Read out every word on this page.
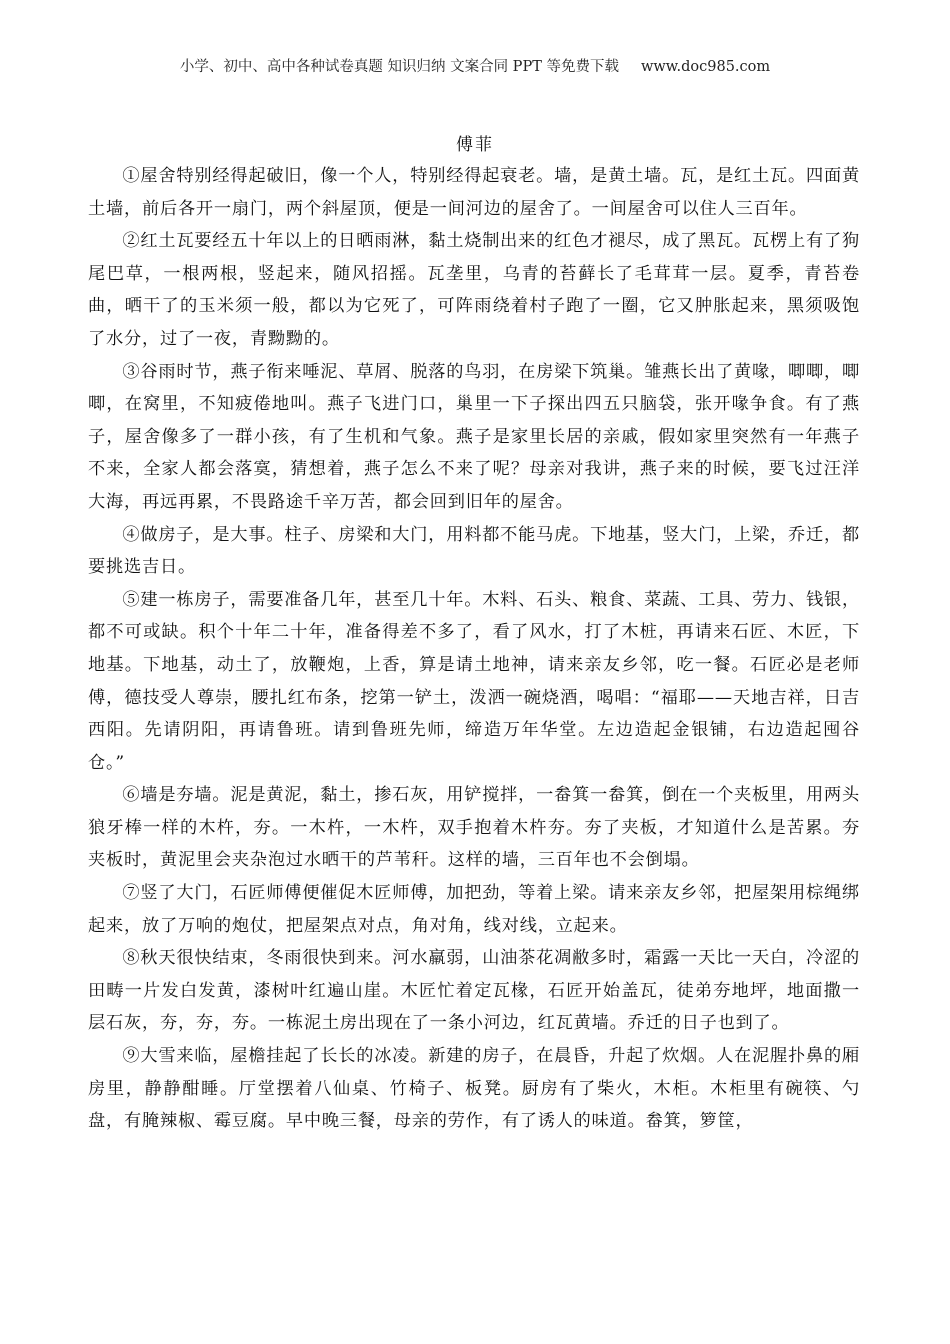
小学、初中、高中各种试卷真题 知识归纳 文案合同 PPT 等免费下载 www.doc985.com
傅菲

①屋舍特别经得起破旧，像一个人，特别经得起衰老。墙，是黄土墙。瓦，是红土瓦。四面黄土墙，前后各开一扇门，两个斜屋顶，便是一间河边的屋舍了。一间屋舍可以住人三百年。

②红土瓦要经五十年以上的日晒雨淋，黏土烧制出来的红色才褪尽，成了黑瓦。瓦楞上有了狗尾巴草，一根两根，竖起来，随风招摇。瓦垄里，乌青的苔藓长了毛茸茸一层。夏季，青苔卷曲，晒干了的玉米须一般，都以为它死了，可阵雨绕着村子跑了一圈，它又肿胀起来，黑须吸饱了水分，过了一夜，青黝黝的。

③谷雨时节，燕子衔来唾泥、草屑、脱落的鸟羽，在房梁下筑巢。雏燕长出了黄喙，唧唧，唧唧，在窝里，不知疲倦地叫。燕子飞进门口，巢里一下子探出四五只脑袋，张开喙争食。有了燕子，屋舍像多了一群小孩，有了生机和气象。燕子是家里长居的亲戚，假如家里突然有一年燕子不来，全家人都会落寞，猜想着，燕子怎么不来了呢？母亲对我讲，燕子来的时候，要飞过汪洋大海，再远再累，不畏路途千辛万苦，都会回到旧年的屋舍。

④做房子，是大事。柱子、房梁和大门，用料都不能马虎。下地基，竖大门，上梁，乔迁，都要挑选吉日。

⑤建一栋房子，需要准备几年，甚至几十年。木料、石头、粮食、菜蔬、工具、劳力、钱银，都不可或缺。积个十年二十年，准备得差不多了，看了风水，打了木桩，再请来石匠、木匠，下地基。下地基，动土了，放鞭炮，上香，算是请土地神，请来亲友乡邻，吃一餐。石匠必是老师傅，德技受人尊崇，腰扎红布条，挖第一铲土，泼洒一碗烧酒，喝唱：“福耶——天地吉祥，日吉西阳。先请阴阳，再请鲁班。请到鲁班先师，缔造万年华堂。左边造起金银铺，右边造起囤谷仓。”

⑥墙是夯墙。泥是黄泥，黏土，掺石灰，用铲搅拌，一畚箕一畚箕，倒在一个夹板里，用两头狼牙棒一样的木杵，夯。一木杵，一木杵，双手抱着木杵夯。夯了夹板，才知道什么是苦累。夯夹板时，黄泥里会夹杂泡过水晒干的芦苇秆。这样的墙，三百年也不会倒塌。

⑦竖了大门，石匠师傅便催促木匠师傅，加把劲，等着上梁。请来亲友乡邻，把屋架用棕绳绑起来，放了万响的炮仗，把屋架点对点，角对角，线对线，立起来。

⑧秋天很快结束，冬雨很快到来。河水羸弱，山油茶花凋敝多时，霜露一天比一天白，冷涩的田畴一片发白发黄，漆树叶红遍山崖。木匠忙着定瓦椽，石匠开始盖瓦，徒弟夯地坪，地面撒一层石灰，夯，夯，夯。一栋泥土房出现在了一条小河边，红瓦黄墙。乔迁的日子也到了。

⑨大雪来临，屋檐挂起了长长的冰凌。新建的房子，在晨昏，升起了炊烟。人在泥腥扑鼻的厢房里，静静酣睡。厅堂摆着八仙桌、竹椅子、板凳。厨房有了柴火，木柜。木柜里有碗筷、勺盘，有腌辣椒、霉豆腐。早中晚三餐，母亲的劳作，有了诱人的味道。畚箕，箩筐，
